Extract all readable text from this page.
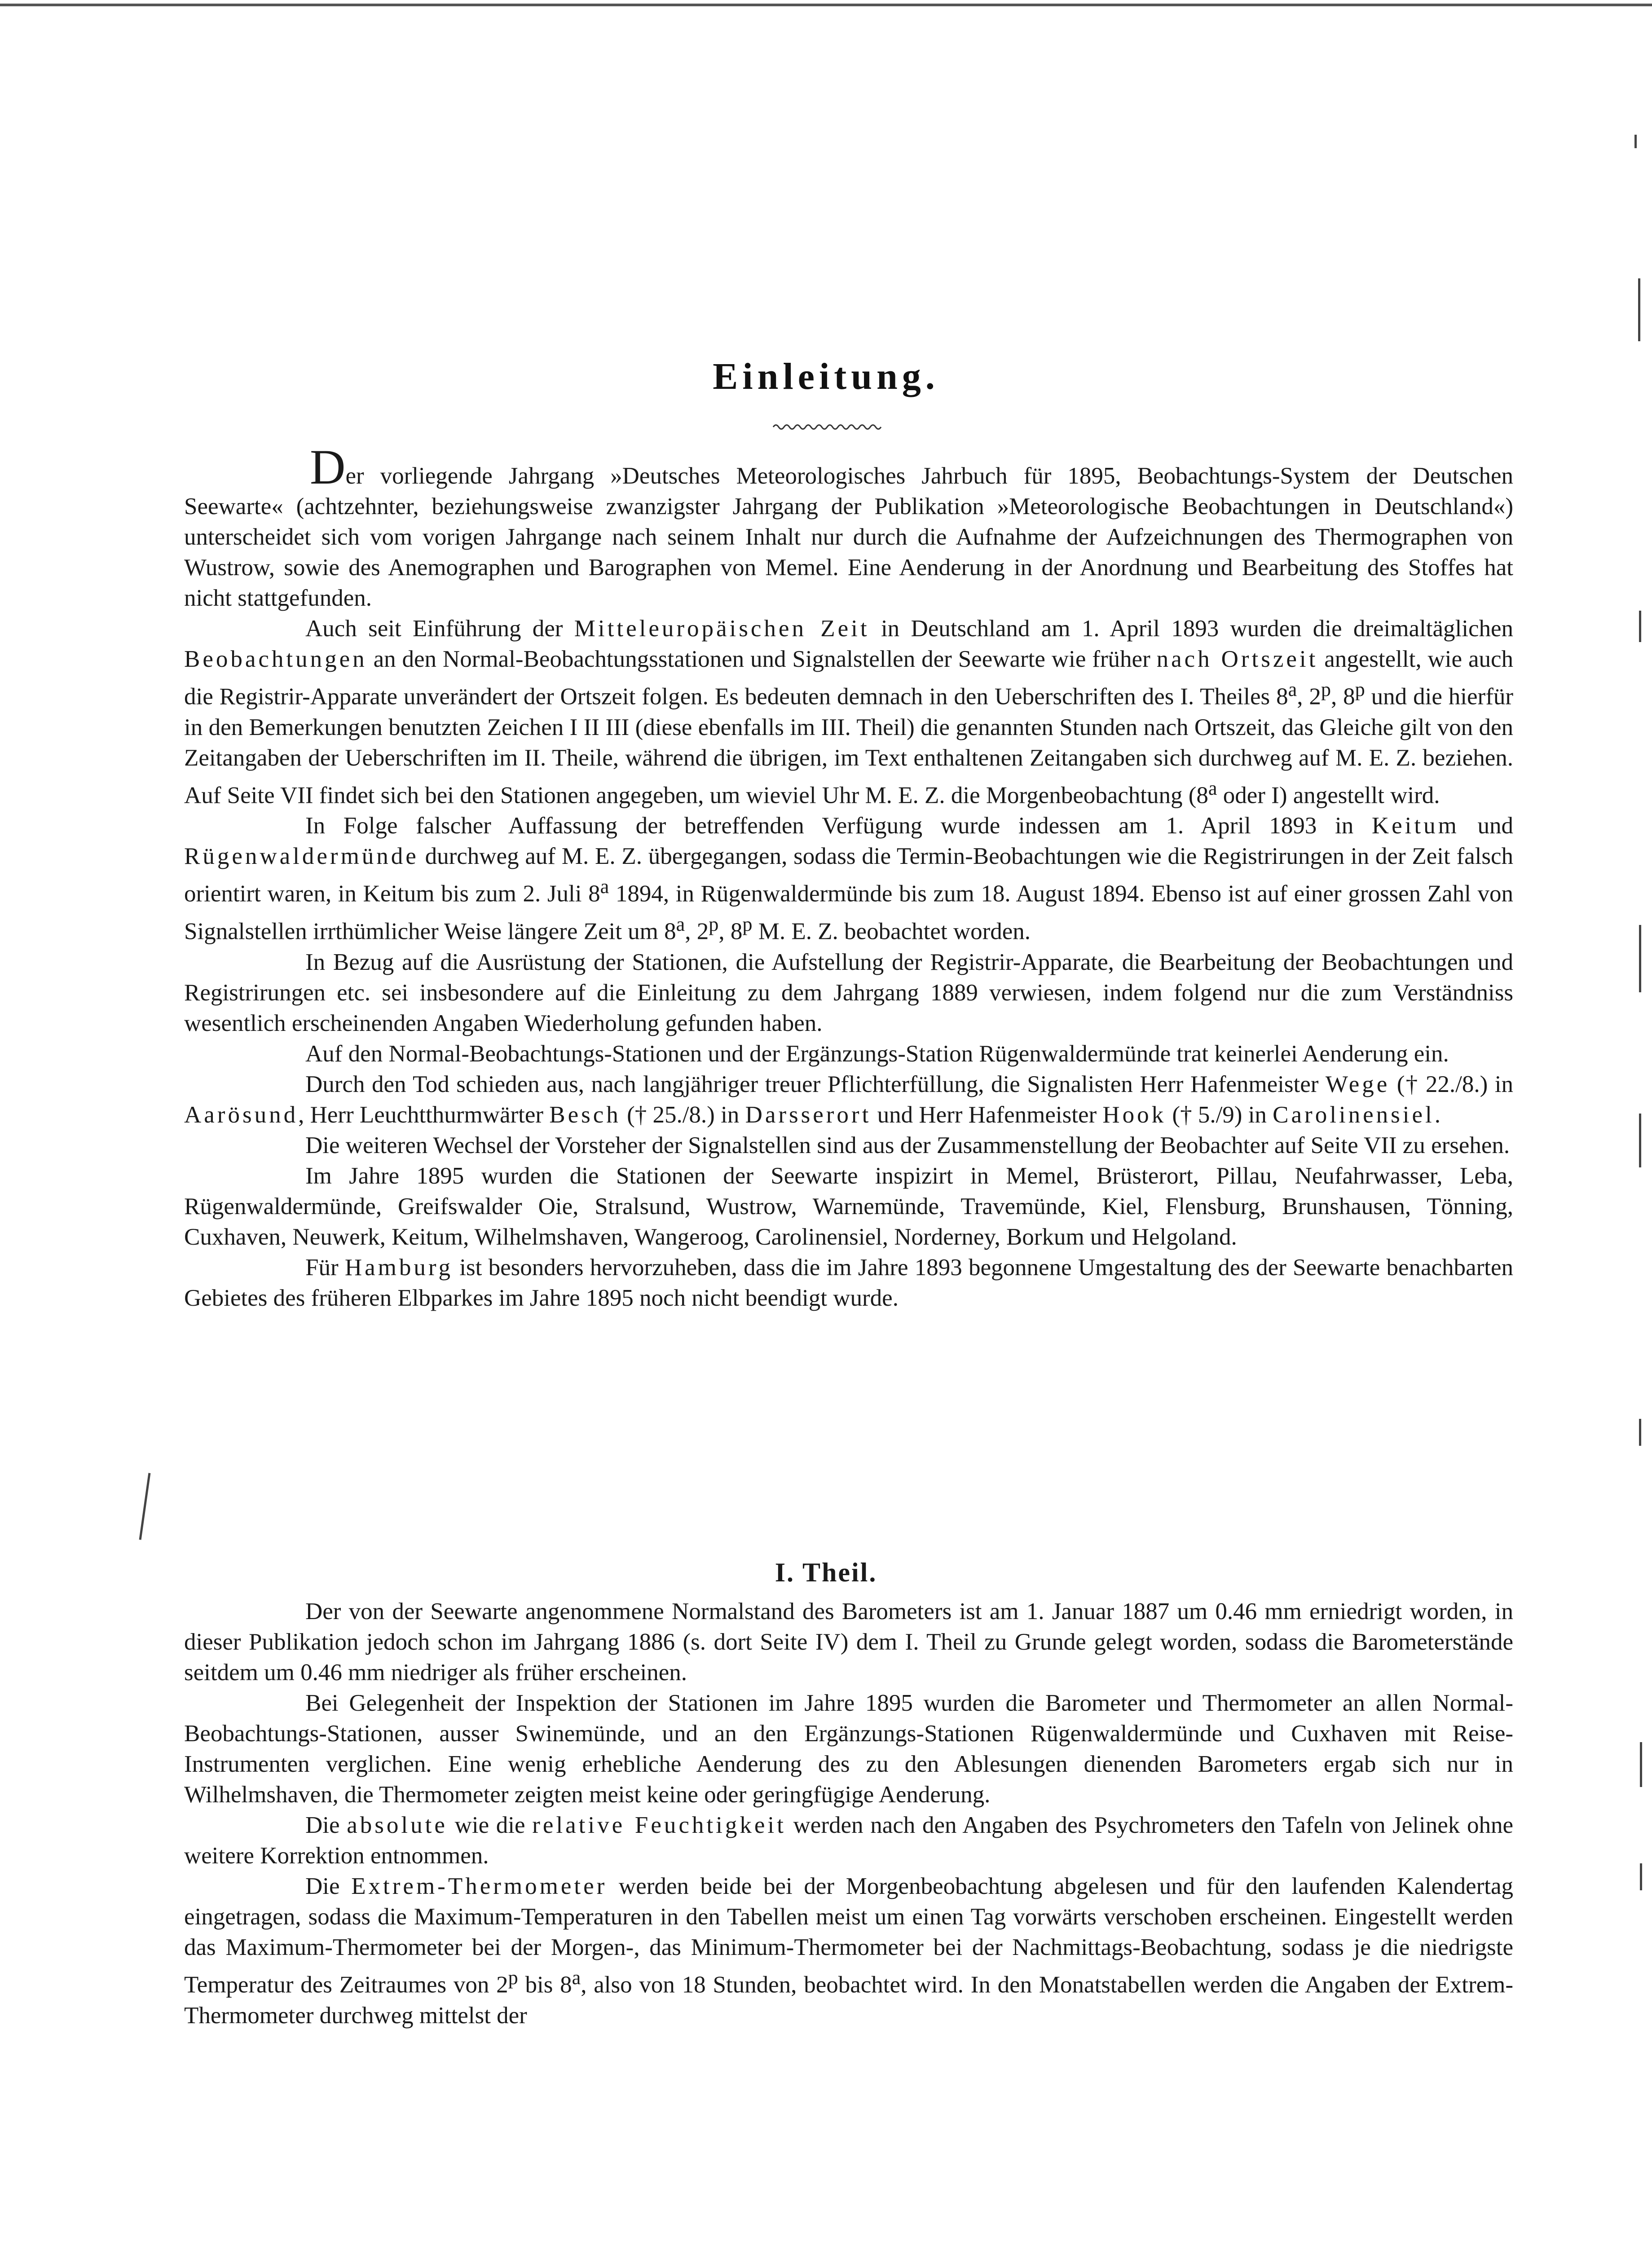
Einleitung.

Der vorliegende Jahrgang »Deutsches Meteorologisches Jahrbuch für 1895, Beobachtungs-System der Deutschen Seewarte« (achtzehnter, beziehungsweise zwanzigster Jahrgang der Publikation »Meteorologische Beobachtungen in Deutschland«) unterscheidet sich vom vorigen Jahrgange nach seinem Inhalt nur durch die Aufnahme der Aufzeichnungen des Thermographen von Wustrow, sowie des Anemographen und Barographen von Memel. Eine Aenderung in der Anordnung und Bearbeitung des Stoffes hat nicht stattgefunden.

Auch seit Einführung der Mitteleuropäischen Zeit in Deutschland am 1. April 1893 wurden die dreimaltäglichen Beobachtungen an den Normal-Beobachtungsstationen und Signalstellen der Seewarte wie früher nach Ortszeit angestellt, wie auch die Registrir-Apparate unverändert der Ortszeit folgen. Es bedeuten demnach in den Ueberschriften des I. Theiles 8$^a$, 2$^p$, 8$^p$ und die hierfür in den Bemerkungen benutzten Zeichen I II III (diese ebenfalls im III. Theil) die genannten Stunden nach Ortszeit, das Gleiche gilt von den Zeitangaben der Ueberschriften im II. Theile, während die übrigen, im Text enthaltenen Zeitangaben sich durchweg auf M. E. Z. beziehen. Auf Seite VII findet sich bei den Stationen angegeben, um wieviel Uhr M. E. Z. die Morgenbeobachtung (8$^a$ oder I) angestellt wird.

In Folge falscher Auffassung der betreffenden Verfügung wurde indessen am 1. April 1893 in Keitum und Rügenwaldermünde durchweg auf M. E. Z. übergegangen, sodass die Termin-Beobachtungen wie die Registrirungen in der Zeit falsch orientirt waren, in Keitum bis zum 2. Juli 8$^a$ 1894, in Rügenwaldermünde bis zum 18. August 1894. Ebenso ist auf einer grossen Zahl von Signalstellen irrthümlicher Weise längere Zeit um 8$^a$, 2$^p$, 8$^p$ M. E. Z. beobachtet worden.

In Bezug auf die Ausrüstung der Stationen, die Aufstellung der Registrir-Apparate, die Bearbeitung der Beobachtungen und Registrirungen etc. sei insbesondere auf die Einleitung zu dem Jahrgang 1889 verwiesen, indem folgend nur die zum Verständniss wesentlich erscheinenden Angaben Wiederholung gefunden haben.

Auf den Normal-Beobachtungs-Stationen und der Ergänzungs-Station Rügenwaldermünde trat keinerlei Aenderung ein.

Durch den Tod schieden aus, nach langjähriger treuer Pflichterfüllung, die Signalisten Herr Hafenmeister Wege († 22./8.) in Aarösund, Herr Leuchtthurmwärter Besch († 25./8.) in Darsserort und Herr Hafenmeister Hook († 5./9) in Carolinensiel.

Die weiteren Wechsel der Vorsteher der Signalstellen sind aus der Zusammenstellung der Beobachter auf Seite VII zu ersehen.

Im Jahre 1895 wurden die Stationen der Seewarte inspizirt in Memel, Brüsterort, Pillau, Neufahrwasser, Leba, Rügenwaldermünde, Greifswalder Oie, Stralsund, Wustrow, Warnemünde, Travemünde, Kiel, Flensburg, Brunshausen, Tönning, Cuxhaven, Neuwerk, Keitum, Wilhelmshaven, Wangeroog, Carolinensiel, Norderney, Borkum und Helgoland.

Für Hamburg ist besonders hervorzuheben, dass die im Jahre 1893 begonnene Umgestaltung des der Seewarte benachbarten Gebietes des früheren Elbparkes im Jahre 1895 noch nicht beendigt wurde.

I. Theil.

Der von der Seewarte angenommene Normalstand des Barometers ist am 1. Januar 1887 um 0.46 mm erniedrigt worden, in dieser Publikation jedoch schon im Jahrgang 1886 (s. dort Seite IV) dem I. Theil zu Grunde gelegt worden, sodass die Barometerstände seitdem um 0.46 mm niedriger als früher erscheinen.

Bei Gelegenheit der Inspektion der Stationen im Jahre 1895 wurden die Barometer und Thermometer an allen Normal-Beobachtungs-Stationen, ausser Swinemünde, und an den Ergänzungs-Stationen Rügenwaldermünde und Cuxhaven mit Reise-Instrumenten verglichen. Eine wenig erhebliche Aenderung des zu den Ablesungen dienenden Barometers ergab sich nur in Wilhelmshaven, die Thermometer zeigten meist keine oder geringfügige Aenderung.

Die absolute wie die relative Feuchtigkeit werden nach den Angaben des Psychrometers den Tafeln von Jelinek ohne weitere Korrektion entnommen.

Die Extrem-Thermometer werden beide bei der Morgenbeobachtung abgelesen und für den laufenden Kalendertag eingetragen, sodass die Maximum-Temperaturen in den Tabellen meist um einen Tag vorwärts verschoben erscheinen. Eingestellt werden das Maximum-Thermometer bei der Morgen-, das Minimum-Thermometer bei der Nachmittags-Beobachtung, sodass je die niedrigste Temperatur des Zeitraumes von 2$^p$ bis 8$^a$, also von 18 Stunden, beobachtet wird. In den Monatstabellen werden die Angaben der Extrem-Thermometer durchweg mittelst der
